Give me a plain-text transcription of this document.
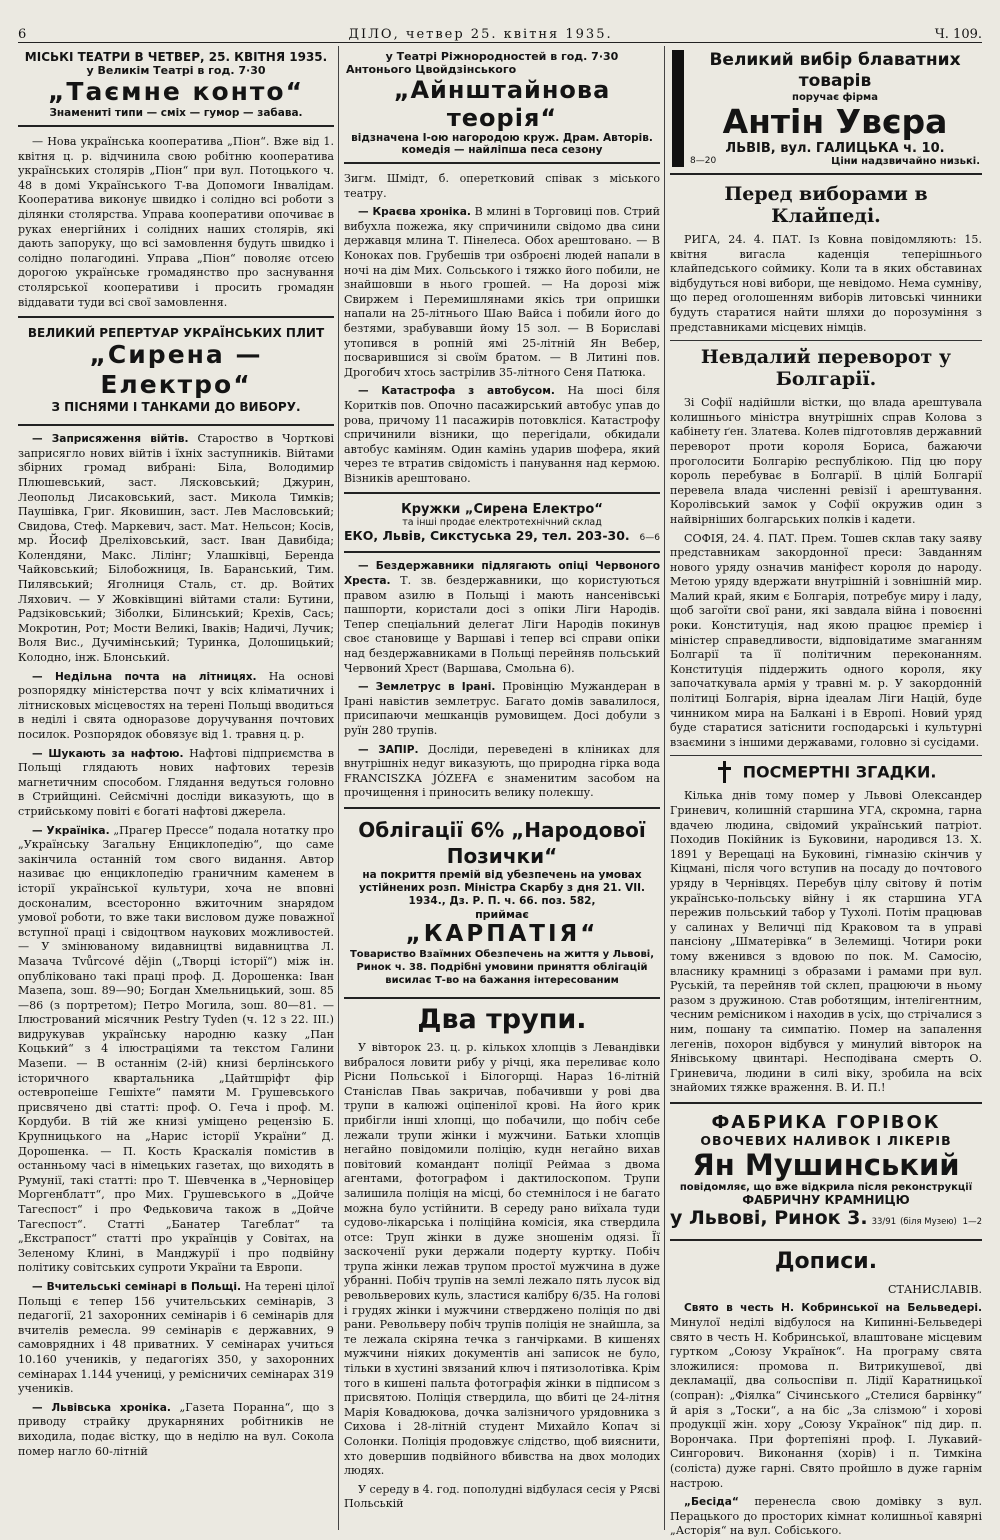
6	ДІЛО, четвер 25. квітня 1935.	Ч. 109.
МІСЬКІ ТЕАТРИ В ЧЕТВЕР, 25. КВІТНЯ 1935.
у Великім Театрі в год. 7·30
„Таємне конто“
Знамениті типи — сміх — гумор — забава.

— Нова українська кооператива „Піон“. Вже від 1. квітня ц. р. відчинила свою робітню кооператива українських столярів „Піон“ при вул. Потоцького ч. 48 в домі Українського Т-ва Допомоги Інвалідам. Кооператива виконує швидко і солідно всі роботи з ділянки столярства. Управа кооперативи опочиває в руках енергійних і солідних наших столярів, які дають запоруку, що всі замовлення будуть швидко і солідно полагодині. Управа „Піон“ поволяє отсею дорогою українське громадянство про заснування столярської кооперативи і просить громадян віддавати туди всі свої замовлення.

ВЕЛИКИЙ РЕПЕРТУАР УКРАЇНСЬКИХ ПЛИТ
„Сирена — Електро“
З ПІСНЯМИ І ТАНКАМИ ДО ВИБОРУ.

— Заприсяження війтів. Староство в Чорткові заприсягло нових війтів і їхніх заступників. Війтами збірних громад вибрані: Біла, Володимир Плюшевський, заст. Лясковський; Джурин, Леопольд Лисаковський, заст. Микола Тимків; Паушівка, Григ. Яковишин, заст. Лев Масловський; Свидова, Стеф. Маркевич, заст. Мат. Нельсон; Косів, мр. Йосиф Дреліховський, заст. Іван Давибіда; Колендяни, Макс. Лілінг; Улашківці, Беренда Чайковський; Білобожниця, Ів. Баранський, Тим. Пилявський; Яголниця Сталь, ст. др. Войтих Ляхович. — У Жовківщині війтами стали: Бутини, Радзіковський; Зіболки, Білинський; Крехів, Сась; Мокротин, Рот; Мости Великі, Іваків; Надичі, Лучик; Воля Вис., Дучимінський; Туринка, Долошицький; Колодно, інж. Блонський.

— Недільна почта на літницях. На основі розпорядку міністерства почт у всіх кліматичних і літнисковых місцевостях на терені Польщі вводиться в неділі і свята одноразове доручування почтових посилок. Розпорядок обовязує від 1. травня ц. р.

— Шукають за нафтою. Нафтові підприємства в Польщі глядають нових нафтових терезів магнетичним способом. Глядання ведуться головно в Стрийщині. Сейсмічні досліди виказують, що в стрийському повіті є богаті нафтові джерела.

— Україніка. „Прагер Прессе“ подала нотатку про „Українську Загальну Енциклопедію“, що саме закінчила останній том свого видання. Автор називає цю енциклопедію граничним каменем в історії української культури, хоча не вповні досконалим, всесторонно вжиточним знарядом умової роботи, то вже таки висловом дуже поважної вступної праці і свідоцтвом наукових можливостей. — У змінюваному видавництві видавництва Л. Мазача Tvůrcové dějin („Творці історії“) між ін. опубліковано такі праці проф. Д. Дорошенка: Іван Мазепа, зош. 89—90; Богдан Хмельницький, зош. 85—86 (з портретом); Петро Могила, зош. 80—81. — Ілюстрований місячник Pestry Tyden (ч. 12 з 22. III.) видрукував українську народню казку „Пан Коцький“ з 4 ілюстраціями та текстом Галини Мазепи. — В останнім (2-ій) книзі берлінського історичного квартальника „Цайтшріфт фір остевропеіше Гешіхте“ памяти М. Грушевського присвячено дві статті: проф. О. Геча і проф. М. Кордуби. В тій же книзі уміщено рецензію Б. Крупницького на „Нарис історії України“ Д. Дорошенка. — П. Кость Краскалія помістив в останньому часі в німецьких газетах, що виходять в Румунії, такі статті: про Т. Шевченка в „Черновіцер Моргенблатт“, про Мих. Грушевського в „Дойче Тагеспост“ і про Федьковича також в „Дойче Тагеспост“. Статті „Банатер Тагеблат“ та „Екстрапост“ статті про українців у Совітах, на Зеленому Клині, в Манджурії і про подвійну політику совітських супроти України та Европи.

— Вчительські семінарі в Польщі. На терені цілої Польщі є тепер 156 учительських семінарів, 3 педагогії, 21 захоронних семінарів і 6 семінарів для вчителів ремесла. 99 семінарів є державних, 9 самоврядних і 48 приватних. У семінарах учиться 10.160 учеників, у педагогіях 350, у захоронних семінарах 1.144 учениці, у ремісничих семінарах 319 учеників.

— Львівська хроніка. „Газета Поранна“, що з приводу страйку друкарняних робітників не виходила, подає вістку, що в неділю на вул. Сокола помер нагло 60-літній

у Театрі Ріжнородностей в год. 7·30
Антонього Цвойдзінського
„Айнштайнова теорія“
відзначена І-ою нагородою круж. Драм. Авторів.
комедія — найліпша песа сезону

Зигм. Шмідт, б. оперетковий співак з міського театру.

— Краєва хроніка. В млині в Торговиці пов. Стрий вибухла пожежа, яку спричинили свідомо два сини державця млина Т. Пінелеса. Обох арештовано. — В Коноках пов. Грубешів три озброєні людей напали в ночі на дім Мих. Сольського і тяжко його побили, не знайшовши в нього грошей. — На дорозі між Свиржем і Перемишлянами якісь три опришки напали на 25-літнього Шаю Вайса і побили його до безтями, зрабувавши йому 15 зол. — В Бориславі утопився в ропній ямі 25-літній Ян Вебер, посварившися зі своїм братом. — В Литині пов. Дрогобич хтось застрілив 35-літного Сеня Патюка.

— Катастрофа з автобусом. На шосі біля Коритків пов. Опочно пасажирський автобус упав до рова, причому 11 пасажирів потовкліся. Катастрофу спричинили візники, що перегідали, обкидали автобус каміням. Один камінь ударив шофера, який через те втратив свідомість і панування над кермою. Візників арештовано.

Кружки „Сирена Електро“
та інші продає електротехнічний склад
ЕКО, Львів, Сикстуська 29, тел. 203-30. 6—6

— Бездержавники підлягають опіці Червоного Хреста. Т. зв. бездержавники, що користуються правом азилю в Польщі і мають нансенівські пашпорти, користали досі з опіки Ліги Народів. Тепер спеціальний делегат Ліги Народів покинув своє становище у Варшаві і тепер всі справи опіки над бездержавниками в Польщі перейняв польський Червоний Хрест (Варшава, Смольна 6).

— Землетрус в Ірані. Провінцію Мужандеран в Ірані навістив землетрус. Багато домів завалилося, присипаючи мешканців румовищем. Досі добули з руїн 280 трупів.

— ЗАПІР. Досліди, переведені в кліниках для внутрішніх недуг виказують, що природна гірка вода FRANCISZKA JÓZEFA є знаменитим засобом на прочищення і приносить велику полекшу.

Облігації 6% „Народової Позички“
на покриття премій від убезпечень на умовах устійнених розп. Міністра Скарбу з дня 21. VII. 1934., Дз. Р. П. ч. 66. поз. 582,
приймає
„КАРПАТІЯ“
Товариство Взаїмних Обезпечень на життя у Львові, Ринок ч. 38. Подрібні умовини приняття облігацій висилає Т-во на бажання інтересованим
Два трупи.

У вівторок 23. ц. р. кількох хлопців з Левандівки вибралося ловити рибу у річці, яка переливає коло Рісни Польської і Білогорщі. Нараз 16-літній Станіслав Пваь закричав, побачивши у рові два трупи в калюжі оціпенілої крові. На його крик прибігли інші хлопці, що побачили, що побіч себе лежали трупи жінки і мужчини. Батьки хлопців негайно повідомили поліцію, кудн негайно вихав повітовий командант поліції Реймаа з двома агентами, фотографом і дактилоскопом. Трупи залишила поліція на місці, бо стемнілося і не багато можна було устійнити. В середу рано виїхала туди судово-лікарська і поліційна комісія, яка ствердила отсе: Труп жінки в дуже зношенім одязі. Її заскоченії руки держали подерту куртку. Побіч трупа жінки лежав трупом простої мужчина в дуже убранні. Побіч трупів на землі лежало пять лусок від револьверових куль, зластися калібру 6/35. На голові і грудях жінки і мужчини стверджено поліція по дві рани. Револьверу побіч трупів поліція не знайшла, за те лежала скіряна течка з ганчірками. В кишенях мужчини ніяких документів ані записок не було, тільки в хустині звязаний ключ і пятизолотівка. Крім того в кишені пальта фотографія жінки в підписом з присвятою. Поліція ствердила, що вбиті це 24-літня Марія Ковадюкова, дочка залізничого урядовника з Сихова і 28-літній студент Михайло Копач зі Солонки. Поліція продовжує слідство, щоб вияснити, хто довершив подвійного вбивства на двох молодих людях.

У середу в 4. год. пополудні відбулася сесія у Рясві Польській

Великий вибір блаватних товарів
поручає фірма
Антін Увєра
ЛЬВІВ, вул. ГАЛИЦЬКА ч. 10.
8—20	Ціни надзвичайно низькі.
Перед виборами в Клайпеді.

РИГА, 24. 4. ПАТ. Із Ковна повідомляють: 15. квітня вигасла каденція теперішнього клайпедського соймику. Коли та в яких обставинах відбудуться нові вибори, ще невідомо. Нема сумніву, що перед оголошенням виборів литовські чинники будуть старатися найти шляхи до порозуміння з представниками місцевих німців.

Невдалий переворот у Болгарії.

Зі Софії надійшли вістки, що влада арештувала колишнього міністра внутрішніх справ Колова з кабінету ґен. Златева. Колев підготовляв державний переворот проти короля Бориса, бажаючи проголосити Болгарію республікою. Під цю пору король перебуває в Болгарії. В цілій Болгарії перевела влада численні ревізії і арештування. Королівський замок у Софії окружив один з найвірніших болгарських полків і кадети.

СОФІЯ, 24. 4. ПАТ. Прем. Тошев склав таку заяву представникам закордонної преси: Завданням нового уряду означив маніфест короля до народу. Метою уряду вдержати внутрішній і зовнішній мир. Малий край, яким є Болгарія, потребує миру і ладу, щоб загоїти свої рани, які завдала війна і повоєнні роки. Конституція, над якою працює премієр і міністер справедливости, відповідатиме змаганням Болгарії та її політичним переконанням. Конституція піддержить одного короля, яку започаткувала армія у травні м. р. У закордонній політиці Болгарія, вірна ідеалам Ліги Націй, буде чинником мира на Балкані і в Европі. Новий уряд буде старатися затіснити господарські і культурні взаємини з іншими державами, головно зі сусідами.

ПОСМЕРТНІ ЗГАДКИ.

Кілька днів тому помер у Львові Олександер Гриневич, колишній старшина УГА, скромна, гарна вдачею людина, свідомий український патріот. Походив Покійник із Буковини, народився 13. X. 1891 у Верещаці на Буковині, гімназію скінчив у Кіцмані, після чого вступив на посаду до почтового уряду в Чернівцях. Перебув цілу світову й потім українсько-польську війну і як старшина УГА пережив польський табор у Тухолі. Потім працював у салинах у Величці під Краковом та в управі пансіону „Шматерівка“ в Зелемищі. Чотири роки тому вженився з вдовою по пок. М. Самосію, власнику крамниці з образами і рамами при вул. Руській, та перейняв той склеп, працюючи в ньому разом з дружиною. Став роботящим, інтелігентним, чесним ремісником і находив в усіх, що стрічалися з ним, пошану та симпатію. Помер на запалення легенів, похорон відбувся у минулий вівторок на Янівському цвинтарі. Несподівана смерть О. Гриневича, людини в силі віку, зробила на всіх знайомих тяжке враження. В. И. П.!

ФАБРИКА ГОРІВОК
ОВОЧЕВИХ НАЛИВОК І ЛІКЕРІВ
Ян Мушинський
повідомляє, що вже відкрила після реконструкції
ФАБРИЧНУ КРАМНИЦЮ
у Львові, Ринок 3. 33/91 (біля Музею) 1—2
Дописи.

СТАНИСЛАВІВ.

Свято в честь Н. Кобринської на Бельведері. Минулої неділі відбулося на Кипинні-Бельведері свято в честь Н. Кобринської, влаштоване місцевим гуртком „Союзу Українок“. На програму свята зложилися: промова п. Витрикушевої, дві декламації, два сольоспіви п. Лідії Каратницької (сопран): „Фіялка“ Січинського „Стелися барвінку“ й арія з „Тоски“, а на біс „За слізмою“ і хорові продукції жін. хору „Союзу Українок“ під дир. п. Ворончака. При фортепіяні проф. І. Лукавий-Сингорович. Виконання (хорів) і п. Тимкіна (соліста) дуже гарні. Свято пройшло в дуже гарнім настрою.

„Бесіда“ перенесла свою домівку з вул. Перацького до просторих кімнат колишньої кавярні „Асторія“ на вул. Собіського.
